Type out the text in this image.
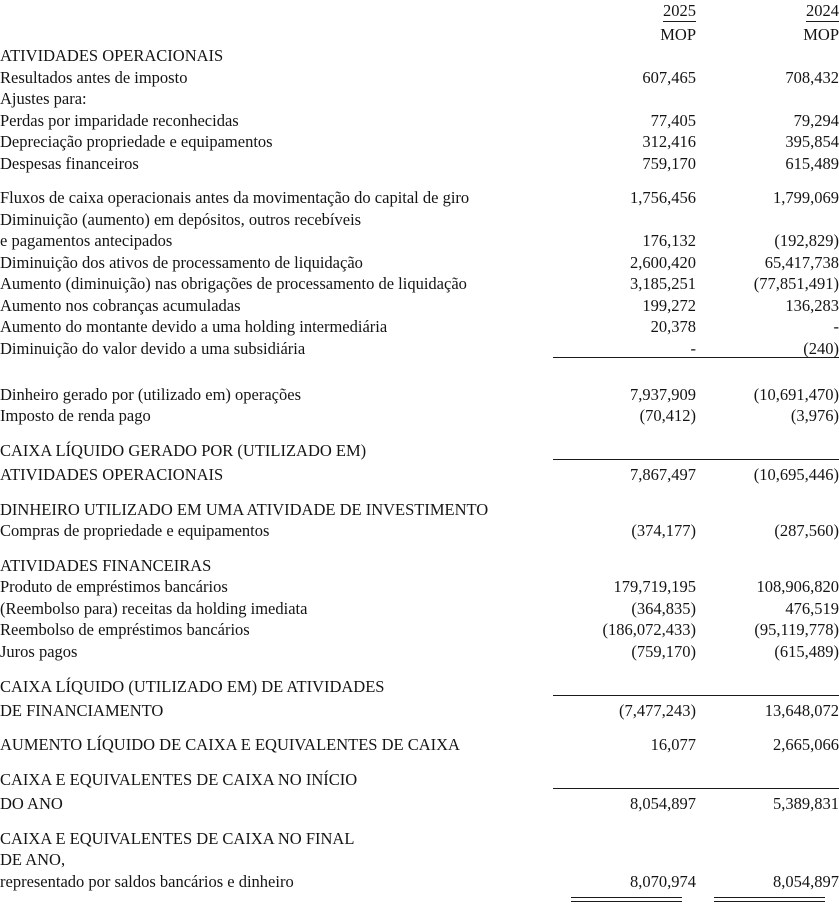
	2025	2024
	MOP	MOP
ATIVIDADES OPERACIONAIS		
Resultados antes de imposto	607,465	708,432
Ajustes para:		
Perdas por imparidade reconhecidas	77,405	79,294
Depreciação propriedade e equipamentos	312,416	395,854
Despesas financeiros	759,170	615,489

Fluxos de caixa operacionais antes da movimentação do capital de giro	1,756,456	1,799,069
Diminuição (aumento) em depósitos, outros recebíveis		
e pagamentos antecipados	176,132	(192,829)
Diminuição dos ativos de processamento de liquidação	2,600,420	65,417,738
Aumento (diminuição) nas obrigações de processamento de liquidação	3,185,251	(77,851,491)
Aumento nos cobranças acumuladas	199,272	136,283
Aumento do montante devido a uma holding intermediária	20,378	-
Diminuição do valor devido a uma subsidiária	-	(240)

Dinheiro gerado por (utilizado em) operações	7,937,909	(10,691,470)
Imposto de renda pago	(70,412)	(3,976)

CAIXA LÍQUIDO GERADO POR (UTILIZADO EM)		
ATIVIDADES OPERACIONAIS	7,867,497	(10,695,446)

DINHEIRO UTILIZADO EM UMA ATIVIDADE DE INVESTIMENTO		
Compras de propriedade e equipamentos	(374,177)	(287,560)

ATIVIDADES FINANCEIRAS		
Produto de empréstimos bancários	179,719,195	108,906,820
(Reembolso para) receitas da holding imediata	(364,835)	476,519
Reembolso de empréstimos bancários	(186,072,433)	(95,119,778)
Juros pagos	(759,170)	(615,489)

CAIXA LÍQUIDO (UTILIZADO EM) DE ATIVIDADES		
DE FINANCIAMENTO	(7,477,243)	13,648,072

AUMENTO LÍQUIDO DE CAIXA E EQUIVALENTES DE CAIXA	16,077	2,665,066

CAIXA E EQUIVALENTES DE CAIXA NO INÍCIO		
DO ANO	8,054,897	5,389,831

CAIXA E EQUIVALENTES DE CAIXA NO FINAL		
DE ANO,		
representado por saldos bancários e dinheiro	8,070,974	8,054,897
